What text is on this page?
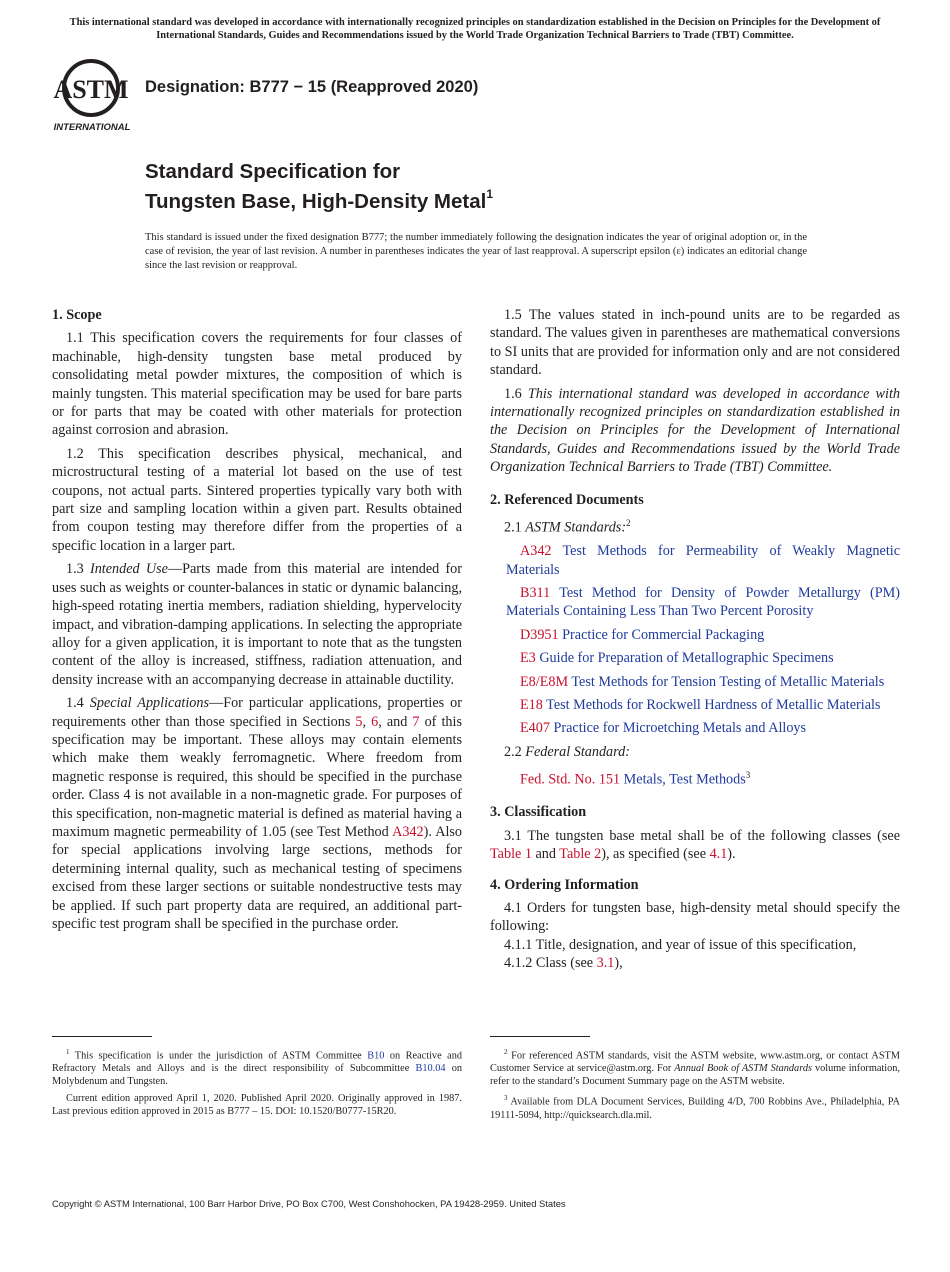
This international standard was developed in accordance with internationally recognized principles on standardization established in the Decision on Principles for the Development of International Standards, Guides and Recommendations issued by the World Trade Organization Technical Barriers to Trade (TBT) Committee.
ASTM
INTERNATIONAL
Designation: B777 − 15 (Reapproved 2020)
Standard Specification for
Tungsten Base, High-Density Metal$^1$
This standard is issued under the fixed designation B777; the number immediately following the designation indicates the year of original adoption or, in the case of revision, the year of last revision. A number in parentheses indicates the year of last reapproval. A superscript epsilon (ε) indicates an editorial change since the last revision or reapproval.
1. Scope

1.1 This specification covers the requirements for four classes of machinable, high-density tungsten base metal produced by consolidating metal powder mixtures, the composition of which is mainly tungsten. This material specification may be used for bare parts or for parts that may be coated with other materials for protection against corrosion and abrasion.

1.2 This specification describes physical, mechanical, and microstructural testing of a material lot based on the use of test coupons, not actual parts. Sintered properties typically vary both with part size and sampling location within a given part. Results obtained from coupon testing may therefore differ from the properties of a specific location in a larger part.

1.3 Intended Use—Parts made from this material are intended for uses such as weights or counter-balances in static or dynamic balancing, high-speed rotating inertia members, radiation shielding, hypervelocity impact, and vibration-damping applications. In selecting the appropriate alloy for a given application, it is important to note that as the tungsten content of the alloy is increased, stiffness, radiation attenuation, and density increase with an accompanying decrease in attainable ductility.

1.4 Special Applications—For particular applications, properties or requirements other than those specified in Sections 5, 6, and 7 of this specification may be important. These alloys may contain elements which make them weakly ferromagnetic. Where freedom from magnetic response is required, this should be specified in the purchase order. Class 4 is not available in a non-magnetic grade. For purposes of this specification, non-magnetic material is defined as material having a maximum magnetic permeability of 1.05 (see Test Method A342). Also for special applications involving large sections, methods for determining internal quality, such as mechanical testing of specimens excised from these larger sections or suitable nondestructive tests may be applied. If such part property data are required, an additional part-specific test program shall be specified in the purchase order.

$^1$ This specification is under the jurisdiction of ASTM Committee B10 on Reactive and Refractory Metals and Alloys and is the direct responsibility of Subcommittee B10.04 on Molybdenum and Tungsten.

Current edition approved April 1, 2020. Published April 2020. Originally approved in 1987. Last previous edition approved in 2015 as B777 – 15. DOI: 10.1520/B0777-15R20.

1.5 The values stated in inch-pound units are to be regarded as standard. The values given in parentheses are mathematical conversions to SI units that are provided for information only and are not considered standard.

1.6 This international standard was developed in accordance with internationally recognized principles on standardization established in the Decision on Principles for the Development of International Standards, Guides and Recommendations issued by the World Trade Organization Technical Barriers to Trade (TBT) Committee.

2. Referenced Documents

2.1 ASTM Standards:$^2$

A342 Test Methods for Permeability of Weakly Magnetic Materials

B311 Test Method for Density of Powder Metallurgy (PM) Materials Containing Less Than Two Percent Porosity

D3951 Practice for Commercial Packaging

E3 Guide for Preparation of Metallographic Specimens

E8/E8M Test Methods for Tension Testing of Metallic Materials

E18 Test Methods for Rockwell Hardness of Metallic Materials

E407 Practice for Microetching Metals and Alloys

2.2 Federal Standard:

Fed. Std. No. 151 Metals, Test Methods$^3$

3. Classification

3.1 The tungsten base metal shall be of the following classes (see Table 1 and Table 2), as specified (see 4.1).

4. Ordering Information

4.1 Orders for tungsten base, high-density metal should specify the following:

4.1.1 Title, designation, and year of issue of this specification,

4.1.2 Class (see 3.1),

$^2$ For referenced ASTM standards, visit the ASTM website, www.astm.org, or contact ASTM Customer Service at service@astm.org. For Annual Book of ASTM Standards volume information, refer to the standard’s Document Summary page on the ASTM website.

$^3$ Available from DLA Document Services, Building 4/D, 700 Robbins Ave., Philadelphia, PA 19111-5094, http://quicksearch.dla.mil.

Copyright © ASTM International, 100 Barr Harbor Drive, PO Box C700, West Conshohocken, PA 19428-2959. United States
